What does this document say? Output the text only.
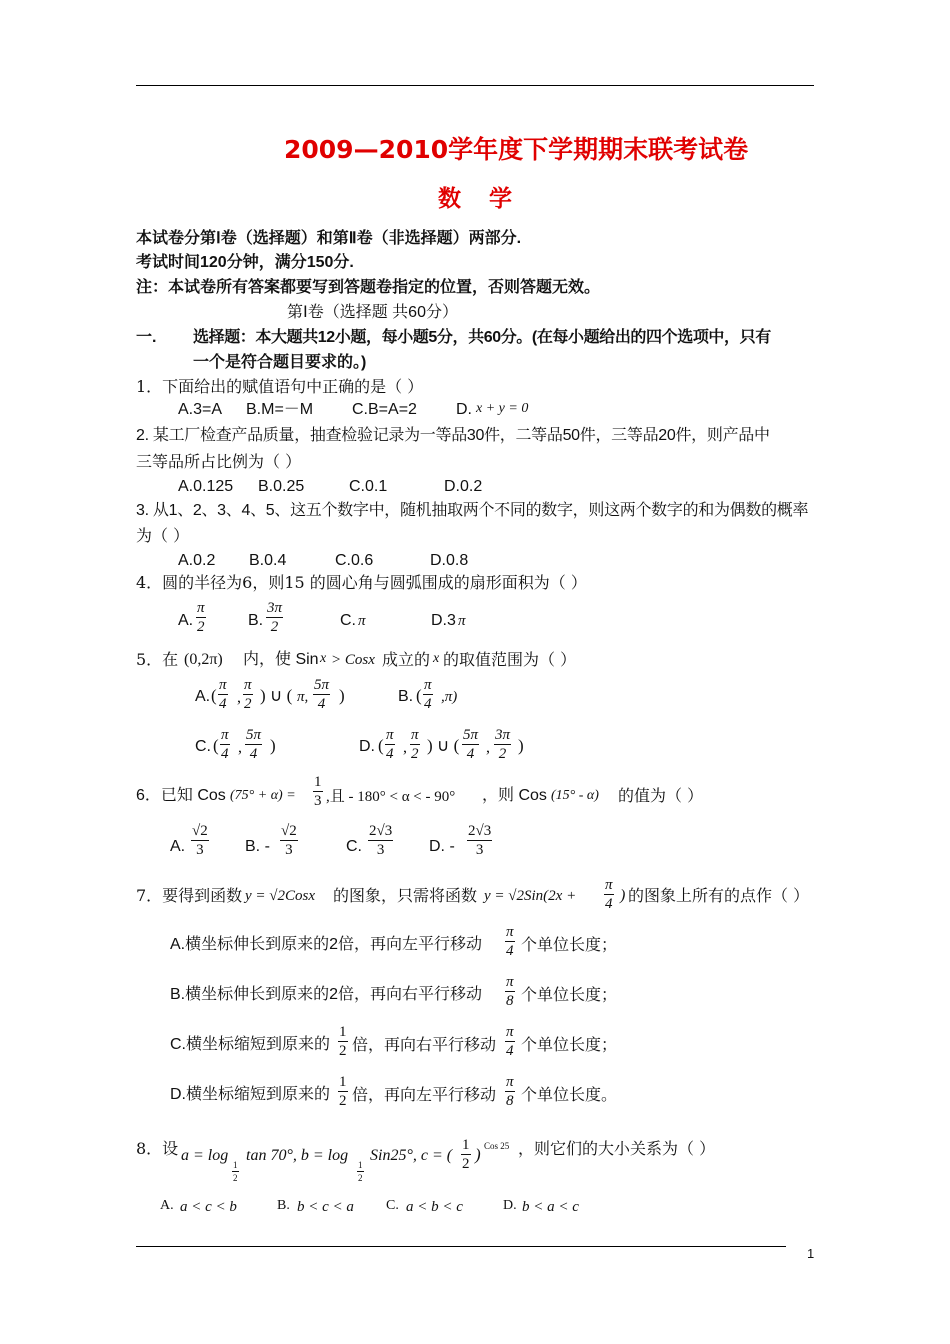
2009—2010学年度下学期期末联考试卷
数 学
本试卷分第Ⅰ卷（选择题）和第Ⅱ卷（非选择题）两部分.
考试时间120分钟，满分150分.
注：本试卷所有答案都要写到答题卷指定的位置，否则答题无效。
第Ⅰ卷（选择题 共60分）
一. 选择题：本大题共12小题，每小题5分，共60分。(在每小题给出的四个选项中，只有
一个是符合题目要求的。)
1．下面给出的赋值语句中正确的是（ ）
A.3=A B.M=－M C.B=A=2 D. x + y = 0
2. 某工厂检查产品质量，抽查检验记录为一等品30件，二等品50件，三等品20件，则产品中
三等品所占比例为（ ）
A.0.125 B.0.25	C.0.1	D.0.2
3. 从1、2、3、4、5、这五个数字中，随机抽取两个不同的数字，则这两个数字的和为偶数的概率
为（ ）
A.0.2 B.0.4	C.0.6	D.0.8
4．圆的半径为6，则15 的圆心角与圆弧围成的扇形面积为（ ）
A. $\frac{\pi}{2}$	B. $\frac{3\pi}{2}$	C. π	D.3 π
5．在 (0,2π) 内，使 Sin x > Cosx 成立的 x 的取值范围为（ ）
A. ( $\frac{\pi}{4}$ , $\frac{\pi}{2}$ ) ∪ ( π, $\frac{5\pi}{4}$ )	B. ( $\frac{\pi}{4} ,\pi$)
C. ( $\frac{\pi}{4}$ , $\frac{5\pi}{4}$ )	D. ( $\frac{\pi}{4}$ , $\frac{\pi}{2}$ ) ∪ ( $\frac{5\pi}{4}$ , $\frac{3\pi}{2}$ )
6．已知 Cos $(75^\circ + \alpha) = \frac{1}{3}$ ,且 - 180° < α < - 90° ，则 Cos (15° - α) 的值为（ ）
A. $\frac{√2}{3} B$. - $\frac{√2}{3}$	C. $\frac{2√3}{3} D$. - $\frac{2√3}{3}$
7．要得到函数 y = √2Cosx 的图象，只需将函数 $y = √2Sin(2x + \frac{\pi}{4}$ ) 的图象上所有的点作（ ）
A.横坐标伸长到原来的2倍，再向左平行移动 $\frac{\pi}{4}$ 个单位长度；
B.横坐标伸长到原来的2倍，再向右平行移动 $\frac{\pi}{8}$ 个单位长度；
C.横坐标缩短到原来的 $\frac{1}{2}$ 倍，再向右平行移动 $\frac{\pi}{4}$ 个单位长度；
D.横坐标缩短到原来的 $\frac{1}{2}$ 倍，再向左平行移动 $\frac{\pi}{8}$ 个单位长度。
8．设 a = log
$\frac{1}{2}$
tan 70°, b = log
$\frac{1}{2}$
Sin25°, c = ( $\frac{1}{2}$ ) Cos 25 ，则它们的大小关系为（ ）
A. a < c < b	B. b < c < a C. a < b < c	D. b < a < c
1
